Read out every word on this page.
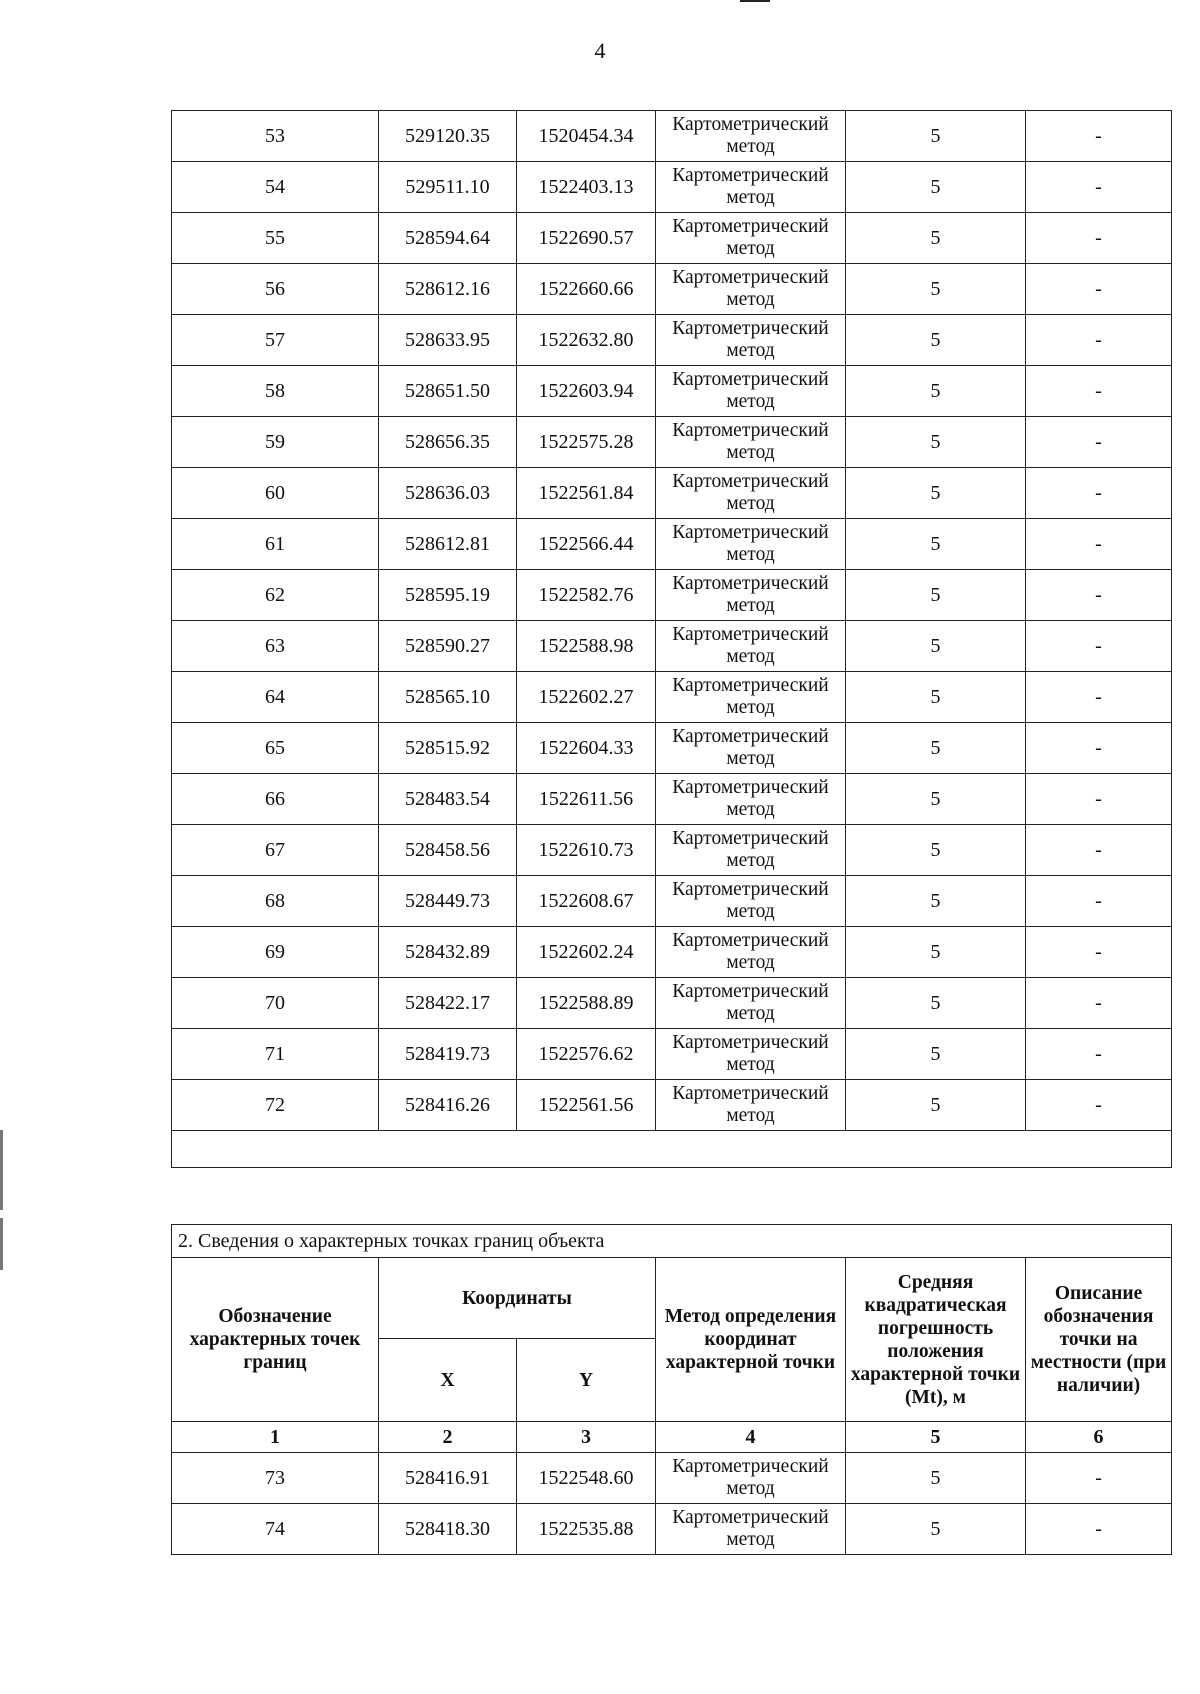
4
53	529120.35	1520454.34	Картометрический метод	5	-
54	529511.10	1522403.13	Картометрический метод	5	-
55	528594.64	1522690.57	Картометрический метод	5	-
56	528612.16	1522660.66	Картометрический метод	5	-
57	528633.95	1522632.80	Картометрический метод	5	-
58	528651.50	1522603.94	Картометрический метод	5	-
59	528656.35	1522575.28	Картометрический метод	5	-
60	528636.03	1522561.84	Картометрический метод	5	-
61	528612.81	1522566.44	Картометрический метод	5	-
62	528595.19	1522582.76	Картометрический метод	5	-
63	528590.27	1522588.98	Картометрический метод	5	-
64	528565.10	1522602.27	Картометрический метод	5	-
65	528515.92	1522604.33	Картометрический метод	5	-
66	528483.54	1522611.56	Картометрический метод	5	-
67	528458.56	1522610.73	Картометрический метод	5	-
68	528449.73	1522608.67	Картометрический метод	5	-
69	528432.89	1522602.24	Картометрический метод	5	-
70	528422.17	1522588.89	Картометрический метод	5	-
71	528419.73	1522576.62	Картометрический метод	5	-
72	528416.26	1522561.56	Картометрический метод	5	-

2. Сведения о характерных точках границ объекта					
Обозначение характерных точек границ	Координаты		Метод определения координат характерной точки	Средняя квадратическая погрешность положения характерной точки (Mt), м	Описание обозначения точки на местности (при наличии)
	X	Y			
1	2	3	4	5	6
73	528416.91	1522548.60	Картометрический метод	5	-
74	528418.30	1522535.88	Картометрический метод	5	-
